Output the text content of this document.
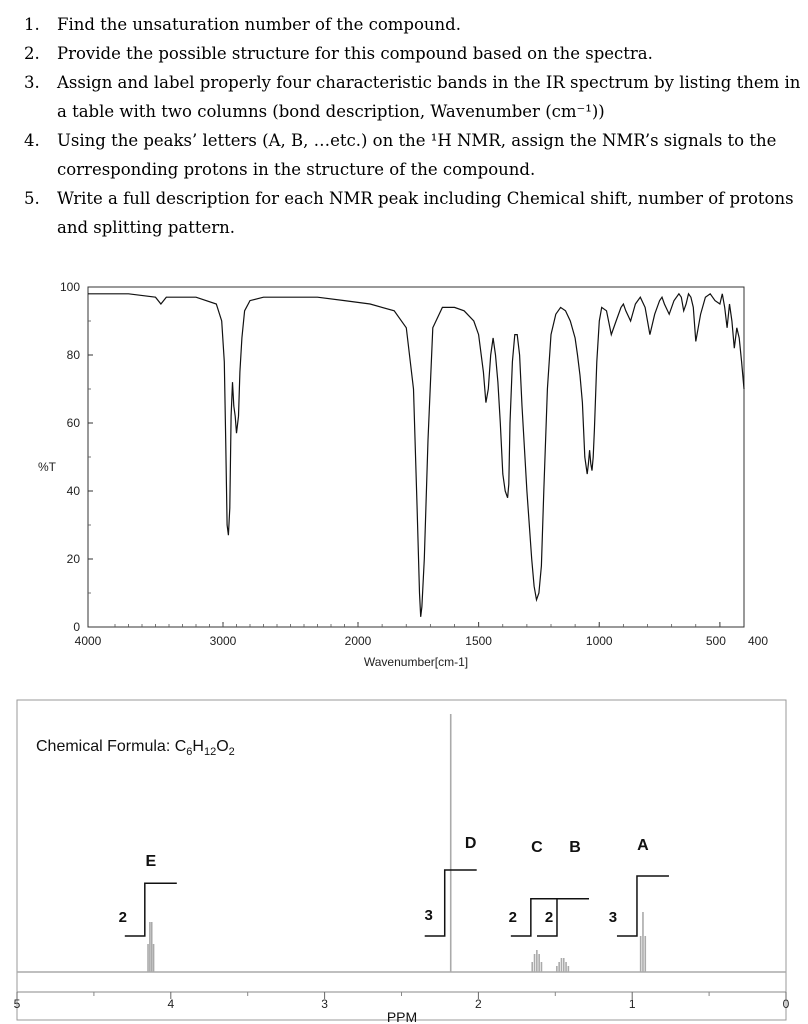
1. Find the unsaturation number of the compound.
2. Provide the possible structure for this compound based on the spectra.
3. Assign and label properly four characteristic bands in the IR spectrum by listing them in a table with two columns (bond description, Wavenumber (cm⁻¹))
4. Using the peaks’ letters (A, B, …etc.) on the ¹H NMR, assign the NMR’s signals to the corresponding protons in the structure of the compound.
5. Write a full description for each NMR peak including Chemical shift, number of protons and splitting pattern.
4000	3000	2000	1500	1000	500 400
100
80
60
40
20
0
%T
Wavenumber[cm-1]
Chemical Formula: $C_6H_{12}O_2$
5	4	3	2	1	0
PPM
E
2
D
3
C
2
B
2
A
3
